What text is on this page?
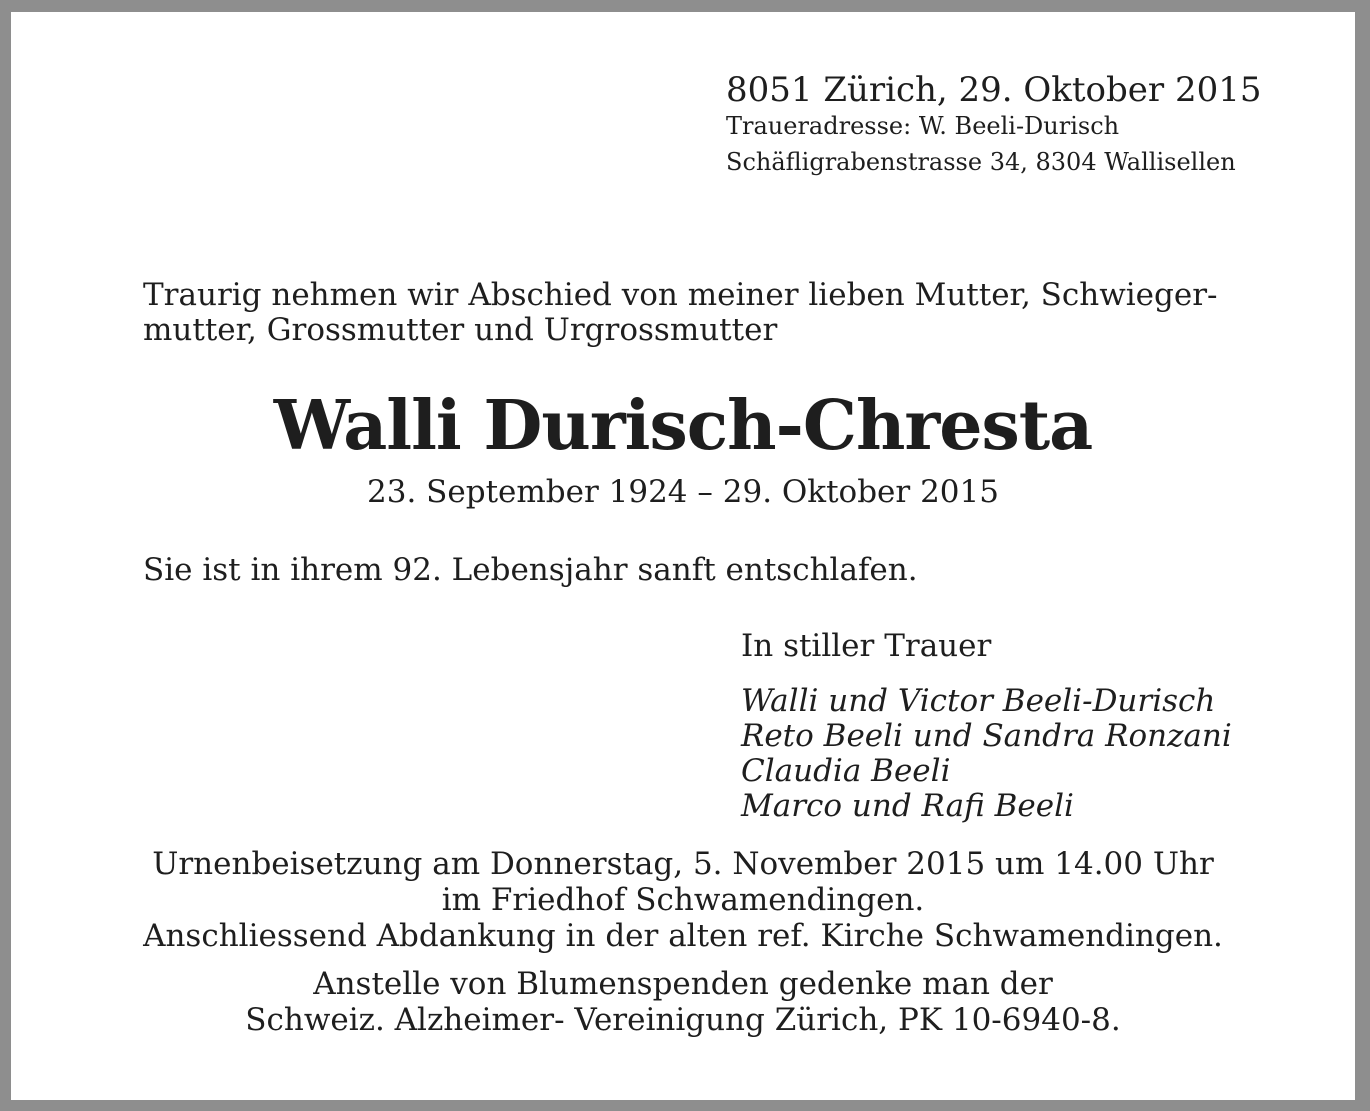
8051 Zürich, 29. Oktober 2015
Traueradresse: W. Beeli-Durisch
Schäfligrabenstrasse 34, 8304 Wallisellen
Traurig nehmen wir Abschied von meiner lieben Mutter, Schwieger-
mutter, Grossmutter und Urgrossmutter
Walli Durisch-Chresta
23. September 1924 – 29. Oktober 2015
Sie ist in ihrem 92. Lebensjahr sanft entschlafen.
In stiller Trauer
Walli und Victor Beeli-Durisch
Reto Beeli und Sandra Ronzani
Claudia Beeli
Marco und Rafi Beeli
Urnenbeisetzung am Donnerstag, 5. November 2015 um 14.00 Uhr
im Friedhof Schwamendingen.
Anschliessend Abdankung in der alten ref. Kirche Schwamendingen.
Anstelle von Blumenspenden gedenke man der
Schweiz. Alzheimer- Vereinigung Zürich, PK 10-6940-8.
